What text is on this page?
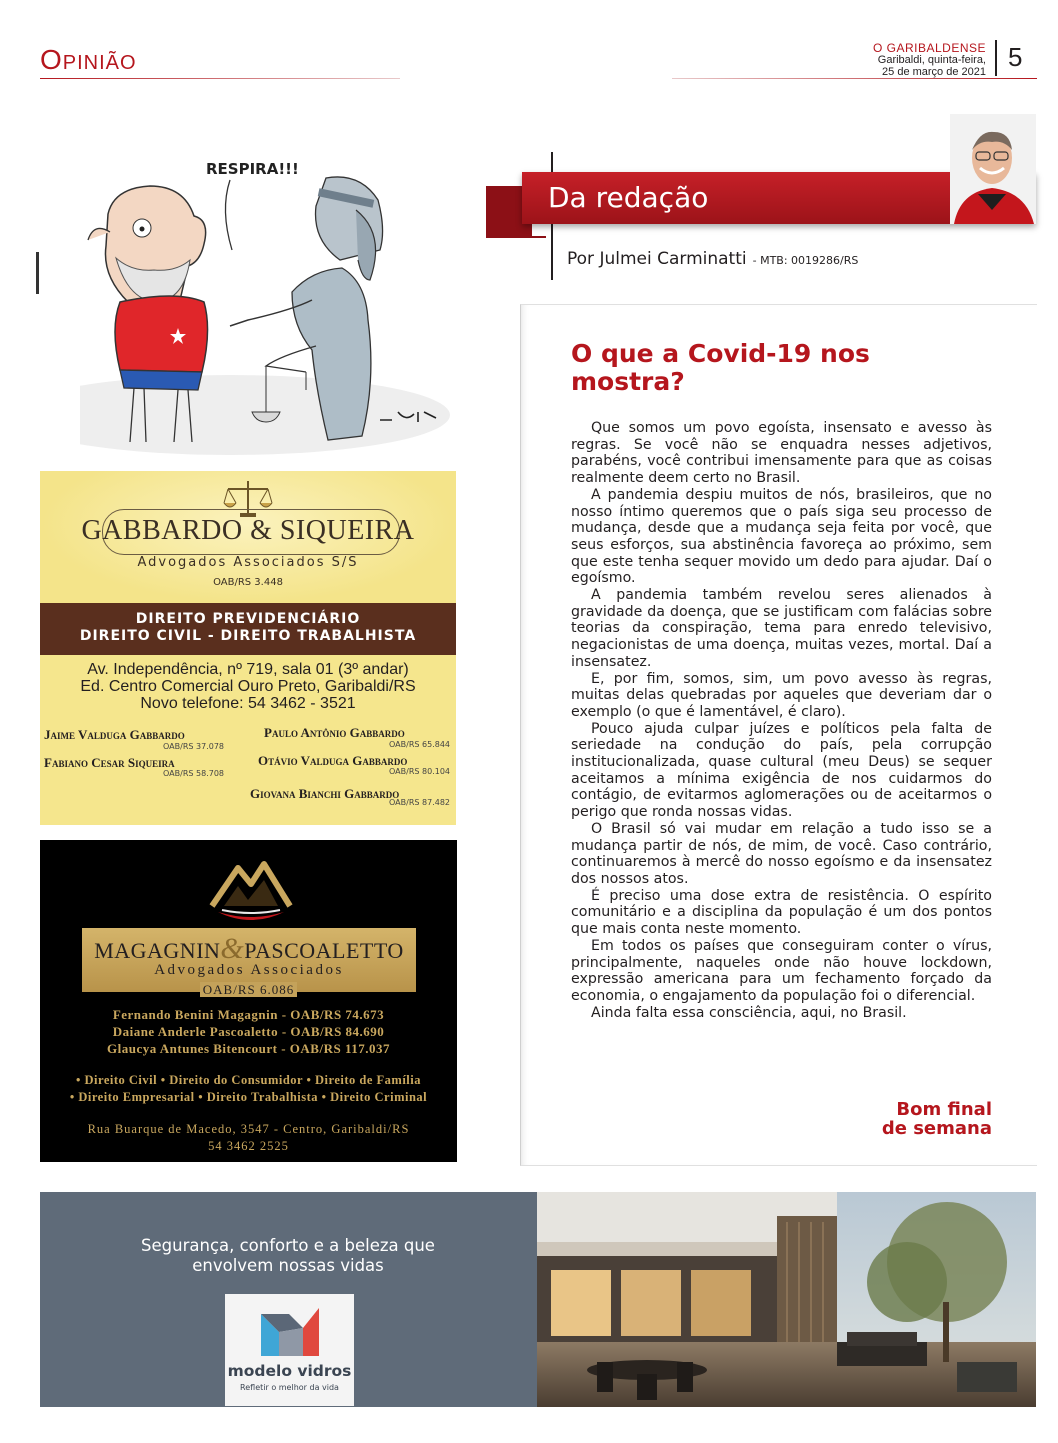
Opinião	O GARIBALDENSE
Garibaldi, quinta-feira,
25 de março de 2021 5
RESPIRA!!!
Da redação
Por Julmei Carminatti - MTB: 0019286/RS
O que a Covid-19 nos mostra?

Que somos um povo egoísta, insensato e avesso às regras. Se você não se enquadra nesses adjetivos, parabéns, você contribui imensamente para que as coisas realmente deem certo no Brasil.

A pandemia despiu muitos de nós, brasileiros, que no nosso íntimo queremos que o país siga seu processo de mudança, desde que a mudança seja feita por você, que seus esforços, sua abstinência favoreça ao próximo, sem que este tenha sequer movido um dedo para ajudar. Daí o egoísmo.

A pandemia também revelou seres alienados à gravidade da doença, que se justificam com falácias sobre teorias da conspiração, tema para enredo televisivo, negacionistas de uma doença, muitas vezes, mortal. Daí a insensatez.

E, por fim, somos, sim, um povo avesso às regras, muitas delas quebradas por aqueles que deveriam dar o exemplo (o que é lamentável, é claro).

Pouco ajuda culpar juízes e políticos pela falta de seriedade na condução do país, pela corrupção institucionalizada, quase cultural (meu Deus) se sequer aceitamos a mínima exigência de nos cuidarmos do contágio, de evitarmos aglomerações ou de aceitarmos o perigo que ronda nossas vidas.

O Brasil só vai mudar em relação a tudo isso se a mudança partir de nós, de mim, de você. Caso contrário, continuaremos à mercê do nosso egoísmo e da insensatez dos nossos atos.

É preciso uma dose extra de resistência. O espírito comunitário e a disciplina da população é um dos pontos que mais conta neste momento.

Em todos os países que conseguiram conter o vírus, principalmente, naqueles onde não houve lockdown, expressão americana para um fechamento forçado da economia, o engajamento da população foi o diferencial.

Ainda falta essa consciência, aqui, no Brasil.

Bom final
de semana
GABBARDO & SIQUEIRA
Advogados Associados S/S
OAB/RS 3.448
DIREITO PREVIDENCIÁRIO
DIREITO CIVIL - DIREITO TRABALHISTA
Av. Independência, nº 719, sala 01 (3º andar)
Ed. Centro Comercial Ouro Preto, Garibaldi/RS
Novo telefone: 54 3462 - 3521
Jaime Valduga Gabbardo
OAB/RS 37.078
Paulo Antônio Gabbardo
OAB/RS 65.844
Fabiano Cesar Siqueira
OAB/RS 58.708
Otávio Valduga Gabbardo
OAB/RS 80.104
Giovana Bianchi Gabbardo
OAB/RS 87.482
MAGAGNIN&PASCOALETTO
Advogados Associados
OAB/RS 6.086
Fernando Benini Magagnin - OAB/RS 74.673
Daiane Anderle Pascoaletto - OAB/RS 84.690
Glaucya Antunes Bitencourt - OAB/RS 117.037
• Direito Civil • Direito do Consumidor • Direito de Família
• Direito Empresarial • Direito Trabalhista • Direito Criminal
Rua Buarque de Macedo, 3547 - Centro, Garibaldi/RS
54 3462 2525
Segurança, conforto e a beleza que
envolvem nossas vidas
modelo vidros
Refletir o melhor da vida
